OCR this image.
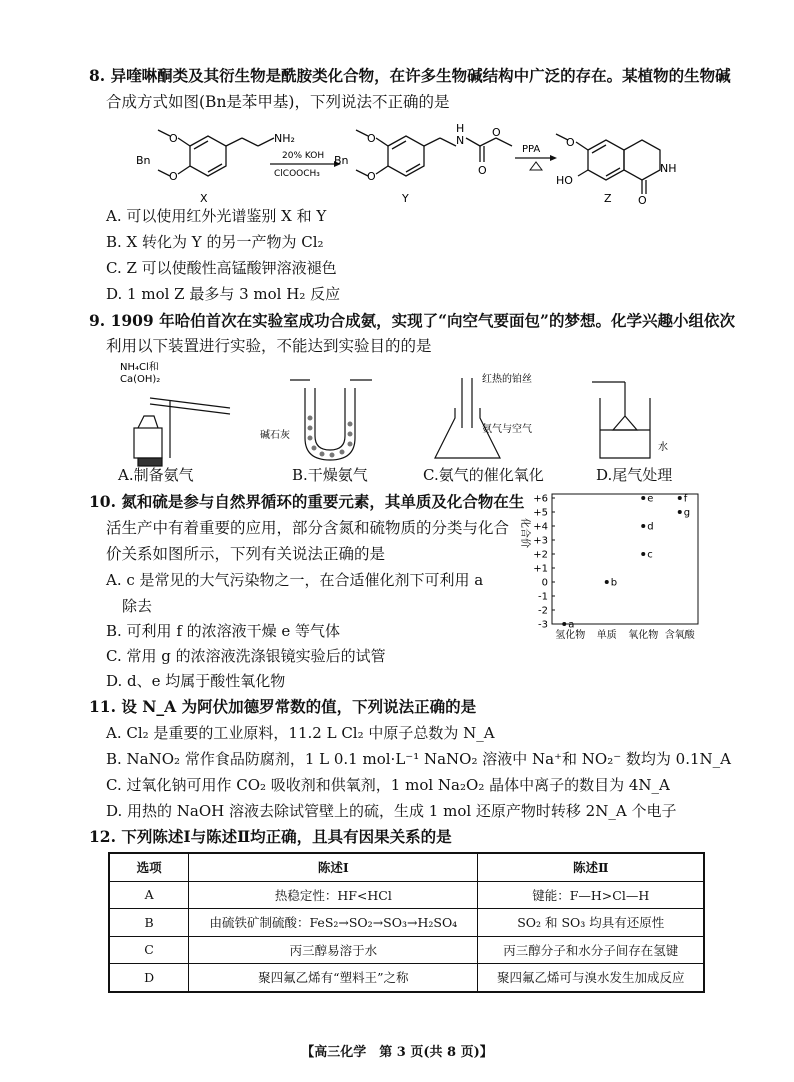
8. 异喹啉酮类及其衍生物是酰胺类化合物，在许多生物碱结构中广泛的存在。某植物的生物碱
合成方式如图(Bn是苯甲基)，下列说法不正确的是
O
O
Bn
NH₂
X
20% KOH
ClCOOCH₃
H
N
O
O
O
O
Bn
Y
PPA
O
HO
NH
O
Z
A. 可以使用红外光谱鉴别 X 和 Y
B. X 转化为 Y 的另一产物为 Cl₂
C. Z 可以使酸性高锰酸钾溶液褪色
D. 1 mol Z 最多与 3 mol H₂ 反应
9. 1909 年哈伯首次在实验室成功合成氨，实现了“向空气要面包”的梦想。化学兴趣小组依次
利用以下装置进行实验，不能达到实验目的的是
NH₄Cl和
Ca(OH)₂
碱石灰
红热的铂丝
氨气与空气
水
A.制备氨气	B.干燥氨气	C.氨气的催化氧化	D.尾气处理
10. 氮和硫是参与自然界循环的重要元素，其单质及化合物在生
活生产中有着重要的应用，部分含氮和硫物质的分类与化合
价关系如图所示，下列有关说法正确的是
A. c 是常见的大气污染物之一，在合适催化剂下可利用 a
除去
B. 可利用 f 的浓溶液干燥 e 等气体
C. 常用 g 的浓溶液洗涤银镜实验后的试管
D. d、e 均属于酸性氧化物
化合价
-3
-2
-1
0
+1
+2
+3
+4
+5
+6
氢化物 单质 氧化物 含氧酸
a
b
c
d
e	f
g
11. 设 N_A 为阿伏加德罗常数的值，下列说法正确的是
A. Cl₂ 是重要的工业原料，11.2 L Cl₂ 中原子总数为 N_A
B. NaNO₂ 常作食品防腐剂，1 L 0.1 mol·L⁻¹ NaNO₂ 溶液中 Na⁺和 NO₂⁻ 数均为 0.1N_A
C. 过氧化钠可用作 CO₂ 吸收剂和供氧剂，1 mol Na₂O₂ 晶体中离子的数目为 4N_A
D. 用热的 NaOH 溶液去除试管壁上的硫，生成 1 mol 还原产物时转移 2N_A 个电子
12. 下列陈述Ⅰ与陈述Ⅱ均正确，且具有因果关系的是
选项	陈述Ⅰ	陈述Ⅱ
A	热稳定性：HF<HCl	键能：F—H>Cl—H
B	由硫铁矿制硫酸：FeS₂→SO₂→SO₃→H₂SO₄	SO₂ 和 SO₃ 均具有还原性
C	丙三醇易溶于水	丙三醇分子和水分子间存在氢键
D	聚四氟乙烯有“塑料王”之称	聚四氟乙烯可与溴水发生加成反应
【高三化学　第 3 页(共 8 页)】
